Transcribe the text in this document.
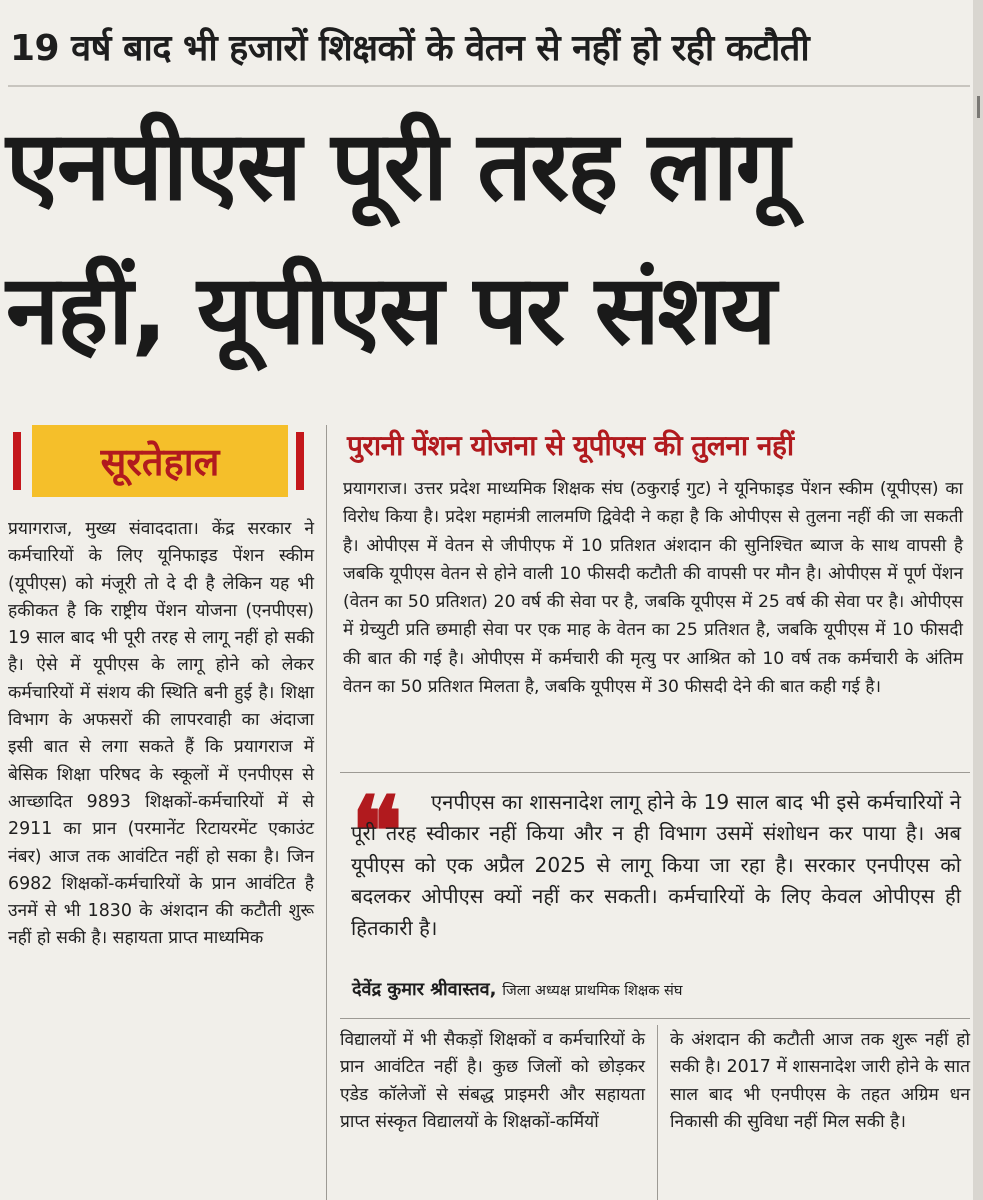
19 वर्ष बाद भी हजारों शिक्षकों के वेतन से नहीं हो रही कटौती
एनपीएस पूरी तरह लागू
नहीं, यूपीएस पर संशय
सूरतेहाल
प्रयागराज, मुख्य संवाददाता। केंद्र सरकार ने कर्मचारियों के लिए यूनिफाइड पेंशन स्कीम (यूपीएस) को मंजूरी तो दे दी है लेकिन यह भी हकीकत है कि राष्ट्रीय पेंशन योजना (एनपीएस) 19 साल बाद भी पूरी तरह से लागू नहीं हो सकी है। ऐसे में यूपीएस के लागू होने को लेकर कर्मचारियों में संशय की स्थिति बनी हुई है। शिक्षा विभाग के अफसरों की लापरवाही का अंदाजा इसी बात से लगा सकते हैं कि प्रयागराज में बेसिक शिक्षा परिषद के स्कूलों में एनपीएस से आच्छादित 9893 शिक्षकों-कर्मचारियों में से 2911 का प्रान (परमानेंट रिटायरमेंट एकाउंट नंबर) आज तक आवंटित नहीं हो सका है। जिन 6982 शिक्षकों-कर्मचारियों के प्रान आवंटित है उनमें से भी 1830 के अंशदान की कटौती शुरू नहीं हो सकी है। सहायता प्राप्त माध्यमिक
पुरानी पेंशन योजना से यूपीएस की तुलना नहीं
प्रयागराज। उत्तर प्रदेश माध्यमिक शिक्षक संघ (ठकुराई गुट) ने यूनिफाइड पेंशन स्कीम (यूपीएस) का विरोध किया है। प्रदेश महामंत्री लालमणि द्विवेदी ने कहा है कि ओपीएस से तुलना नहीं की जा सकती है। ओपीएस में वेतन से जीपीएफ में 10 प्रतिशत अंशदान की सुनिश्चित ब्याज के साथ वापसी है जबकि यूपीएस वेतन से होने वाली 10 फीसदी कटौती की वापसी पर मौन है। ओपीएस में पूर्ण पेंशन (वेतन का 50 प्रतिशत) 20 वर्ष की सेवा पर है, जबकि यूपीएस में 25 वर्ष की सेवा पर है। ओपीएस में ग्रेच्युटी प्रति छमाही सेवा पर एक माह के वेतन का 25 प्रतिशत है, जबकि यूपीएस में 10 फीसदी की बात की गई है। ओपीएस में कर्मचारी की मृत्यु पर आश्रित को 10 वर्ष तक कर्मचारी के अंतिम वेतन का 50 प्रतिशत मिलता है, जबकि यूपीएस में 30 फीसदी देने की बात कही गई है।
❝	एनपीएस का शासनादेश लागू होने के 19 साल बाद भी इसे कर्मचारियों ने पूरी तरह स्वीकार नहीं किया और न ही विभाग उसमें संशोधन कर पाया है। अब यूपीएस को एक अप्रैल 2025 से लागू किया जा रहा है। सरकार एनपीएस को बदलकर ओपीएस क्यों नहीं कर सकती। कर्मचारियों के लिए केवल ओपीएस ही हितकारी है।
देवेंद्र कुमार श्रीवास्तव, जिला अध्यक्ष प्राथमिक शिक्षक संघ
विद्यालयों में भी सैकड़ों शिक्षकों व कर्मचारियों के प्रान आवंटित नहीं है। कुछ जिलों को छोड़कर एडेड कॉलेजों से संबद्ध प्राइमरी और सहायता प्राप्त संस्कृत विद्यालयों के शिक्षकों-कर्मियों
के अंशदान की कटौती आज तक शुरू नहीं हो सकी है। 2017 में शासनादेश जारी होने के सात साल बाद भी एनपीएस के तहत अग्रिम धन निकासी की सुविधा नहीं मिल सकी है।
